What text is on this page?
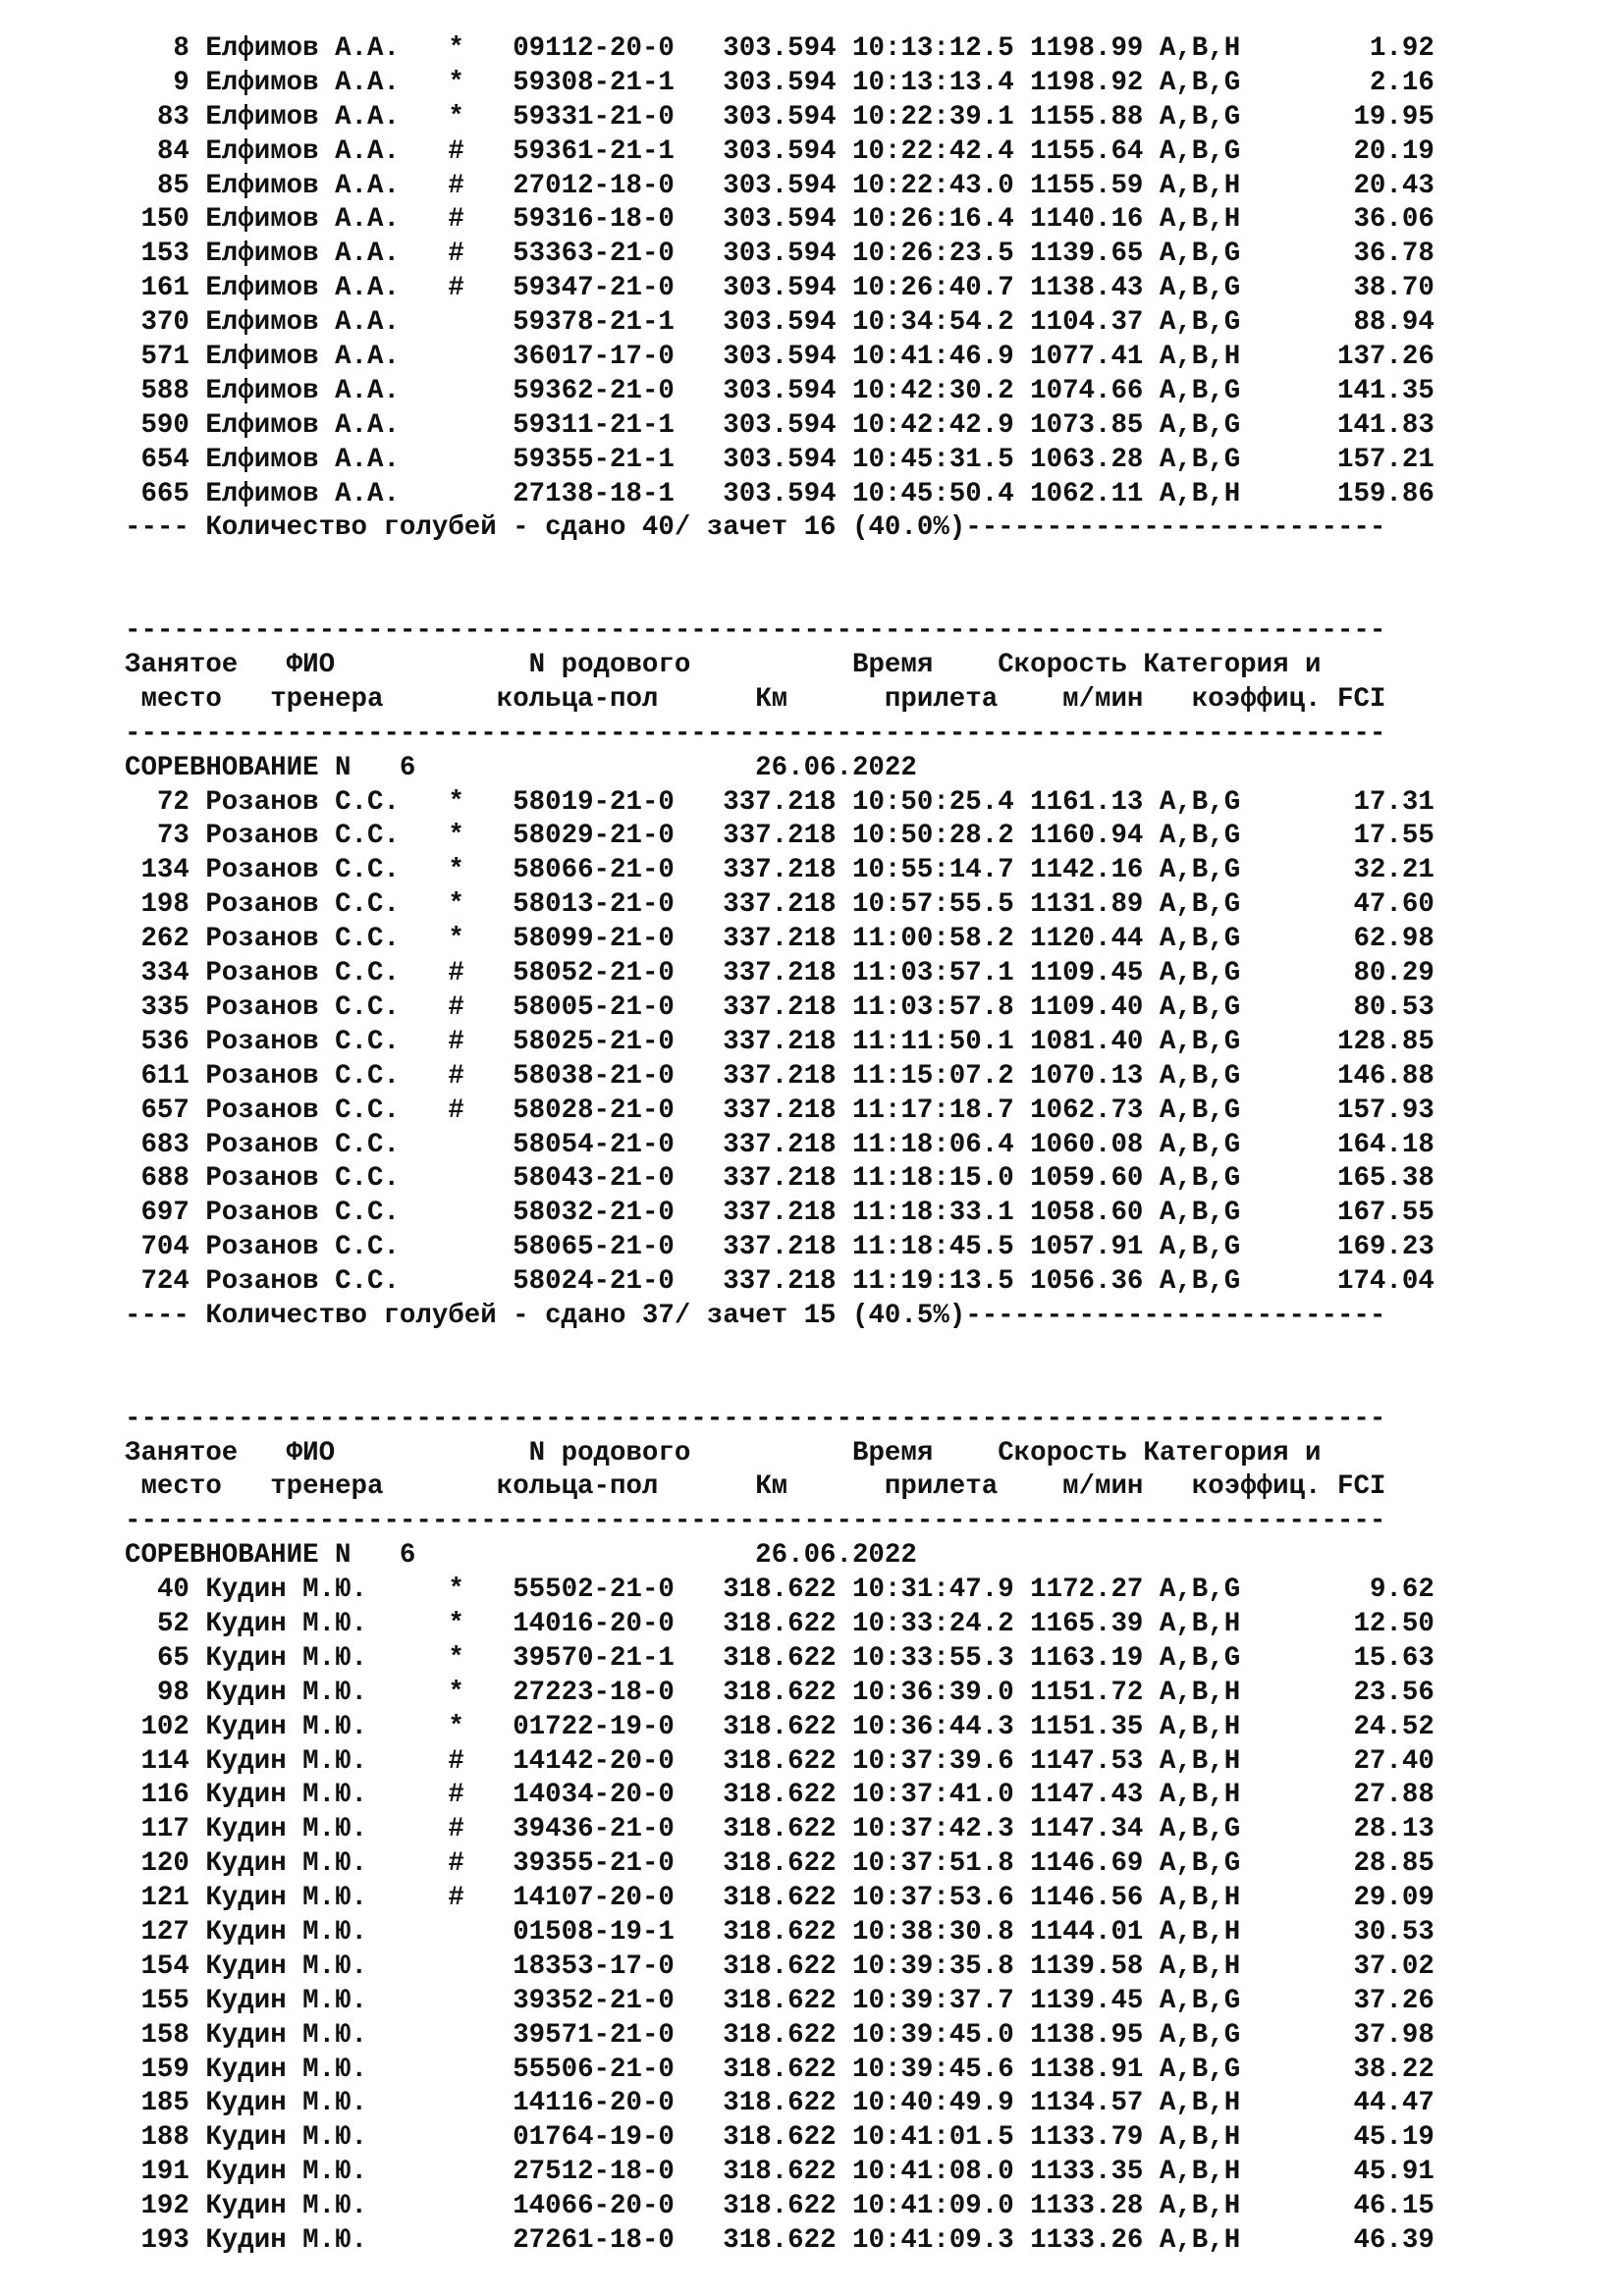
8 Елфимов А.А. * 09112-20-0 303.594 10:13:12.5 1198.99 A,B,H	1.92
9 Елфимов А.А. * 59308-21-1 303.594 10:13:13.4 1198.92 A,B,G	2.16
83 Елфимов А.А. * 59331-21-0 303.594 10:22:39.1 1155.88 A,B,G	19.95
84 Елфимов А.А. # 59361-21-1 303.594 10:22:42.4 1155.64 A,B,G	20.19
85 Елфимов А.А. # 27012-18-0 303.594 10:22:43.0 1155.59 A,B,H	20.43
150 Елфимов А.А. # 59316-18-0 303.594 10:26:16.4 1140.16 A,B,H	36.06
153 Елфимов А.А. # 53363-21-0 303.594 10:26:23.5 1139.65 A,B,G	36.78
161 Елфимов А.А. # 59347-21-0 303.594 10:26:40.7 1138.43 A,B,G	38.70
370 Елфимов А.А.	59378-21-1 303.594 10:34:54.2 1104.37 A,B,G	88.94
571 Елфимов А.А.	36017-17-0 303.594 10:41:46.9 1077.41 A,B,H	137.26
588 Елфимов А.А.	59362-21-0 303.594 10:42:30.2 1074.66 A,B,G	141.35
590 Елфимов А.А.	59311-21-1 303.594 10:42:42.9 1073.85 A,B,G	141.83
654 Елфимов А.А.	59355-21-1 303.594 10:45:31.5 1063.28 A,B,G	157.21
665 Елфимов А.А.	27138-18-1 303.594 10:45:50.4 1062.11 A,B,H	159.86
---- Количество голубей - сдано 40/ зачет 16 (40.0%)--------------------------
------------------------------------------------------------------------------
Занятое ФИО	N родового	Время Скорость Категория и
место тренера	кольца-пол	Км	прилета м/мин коэффиц. FCI
------------------------------------------------------------------------------
СОРЕВНОВАНИЕ N 6	26.06.2022
72 Розанов С.С. * 58019-21-0 337.218 10:50:25.4 1161.13 A,B,G	17.31
73 Розанов С.С. * 58029-21-0 337.218 10:50:28.2 1160.94 A,B,G	17.55
134 Розанов С.С. * 58066-21-0 337.218 10:55:14.7 1142.16 A,B,G	32.21
198 Розанов С.С. * 58013-21-0 337.218 10:57:55.5 1131.89 A,B,G	47.60
262 Розанов С.С. * 58099-21-0 337.218 11:00:58.2 1120.44 A,B,G	62.98
334 Розанов С.С. # 58052-21-0 337.218 11:03:57.1 1109.45 A,B,G	80.29
335 Розанов С.С. # 58005-21-0 337.218 11:03:57.8 1109.40 A,B,G	80.53
536 Розанов С.С. # 58025-21-0 337.218 11:11:50.1 1081.40 A,B,G	128.85
611 Розанов С.С. # 58038-21-0 337.218 11:15:07.2 1070.13 A,B,G	146.88
657 Розанов С.С. # 58028-21-0 337.218 11:17:18.7 1062.73 A,B,G	157.93
683 Розанов С.С.	58054-21-0 337.218 11:18:06.4 1060.08 A,B,G	164.18
688 Розанов С.С.	58043-21-0 337.218 11:18:15.0 1059.60 A,B,G	165.38
697 Розанов С.С.	58032-21-0 337.218 11:18:33.1 1058.60 A,B,G	167.55
704 Розанов С.С.	58065-21-0 337.218 11:18:45.5 1057.91 A,B,G	169.23
724 Розанов С.С.	58024-21-0 337.218 11:19:13.5 1056.36 A,B,G	174.04
---- Количество голубей - сдано 37/ зачет 15 (40.5%)--------------------------
------------------------------------------------------------------------------
Занятое ФИО	N родового	Время Скорость Категория и
место тренера	кольца-пол	Км	прилета м/мин коэффиц. FCI
------------------------------------------------------------------------------
СОРЕВНОВАНИЕ N 6	26.06.2022
40 Кудин М.Ю.	* 55502-21-0 318.622 10:31:47.9 1172.27 A,B,G	9.62
52 Кудин М.Ю.	* 14016-20-0 318.622 10:33:24.2 1165.39 A,B,H	12.50
65 Кудин М.Ю.	* 39570-21-1 318.622 10:33:55.3 1163.19 A,B,G	15.63
98 Кудин М.Ю.	* 27223-18-0 318.622 10:36:39.0 1151.72 A,B,H	23.56
102 Кудин М.Ю.	* 01722-19-0 318.622 10:36:44.3 1151.35 A,B,H	24.52
114 Кудин М.Ю.	# 14142-20-0 318.622 10:37:39.6 1147.53 A,B,H	27.40
116 Кудин М.Ю.	# 14034-20-0 318.622 10:37:41.0 1147.43 A,B,H	27.88
117 Кудин М.Ю.	# 39436-21-0 318.622 10:37:42.3 1147.34 A,B,G	28.13
120 Кудин М.Ю.	# 39355-21-0 318.622 10:37:51.8 1146.69 A,B,G	28.85
121 Кудин М.Ю.	# 14107-20-0 318.622 10:37:53.6 1146.56 A,B,H	29.09
127 Кудин М.Ю.	01508-19-1 318.622 10:38:30.8 1144.01 A,B,H	30.53
154 Кудин М.Ю.	18353-17-0 318.622 10:39:35.8 1139.58 A,B,H	37.02
155 Кудин М.Ю.	39352-21-0 318.622 10:39:37.7 1139.45 A,B,G	37.26
158 Кудин М.Ю.	39571-21-0 318.622 10:39:45.0 1138.95 A,B,G	37.98
159 Кудин М.Ю.	55506-21-0 318.622 10:39:45.6 1138.91 A,B,G	38.22
185 Кудин М.Ю.	14116-20-0 318.622 10:40:49.9 1134.57 A,B,H	44.47
188 Кудин М.Ю.	01764-19-0 318.622 10:41:01.5 1133.79 A,B,H	45.19
191 Кудин М.Ю.	27512-18-0 318.622 10:41:08.0 1133.35 A,B,H	45.91
192 Кудин М.Ю.	14066-20-0 318.622 10:41:09.0 1133.28 A,B,H	46.15
193 Кудин М.Ю.	27261-18-0 318.622 10:41:09.3 1133.26 A,B,H	46.39
